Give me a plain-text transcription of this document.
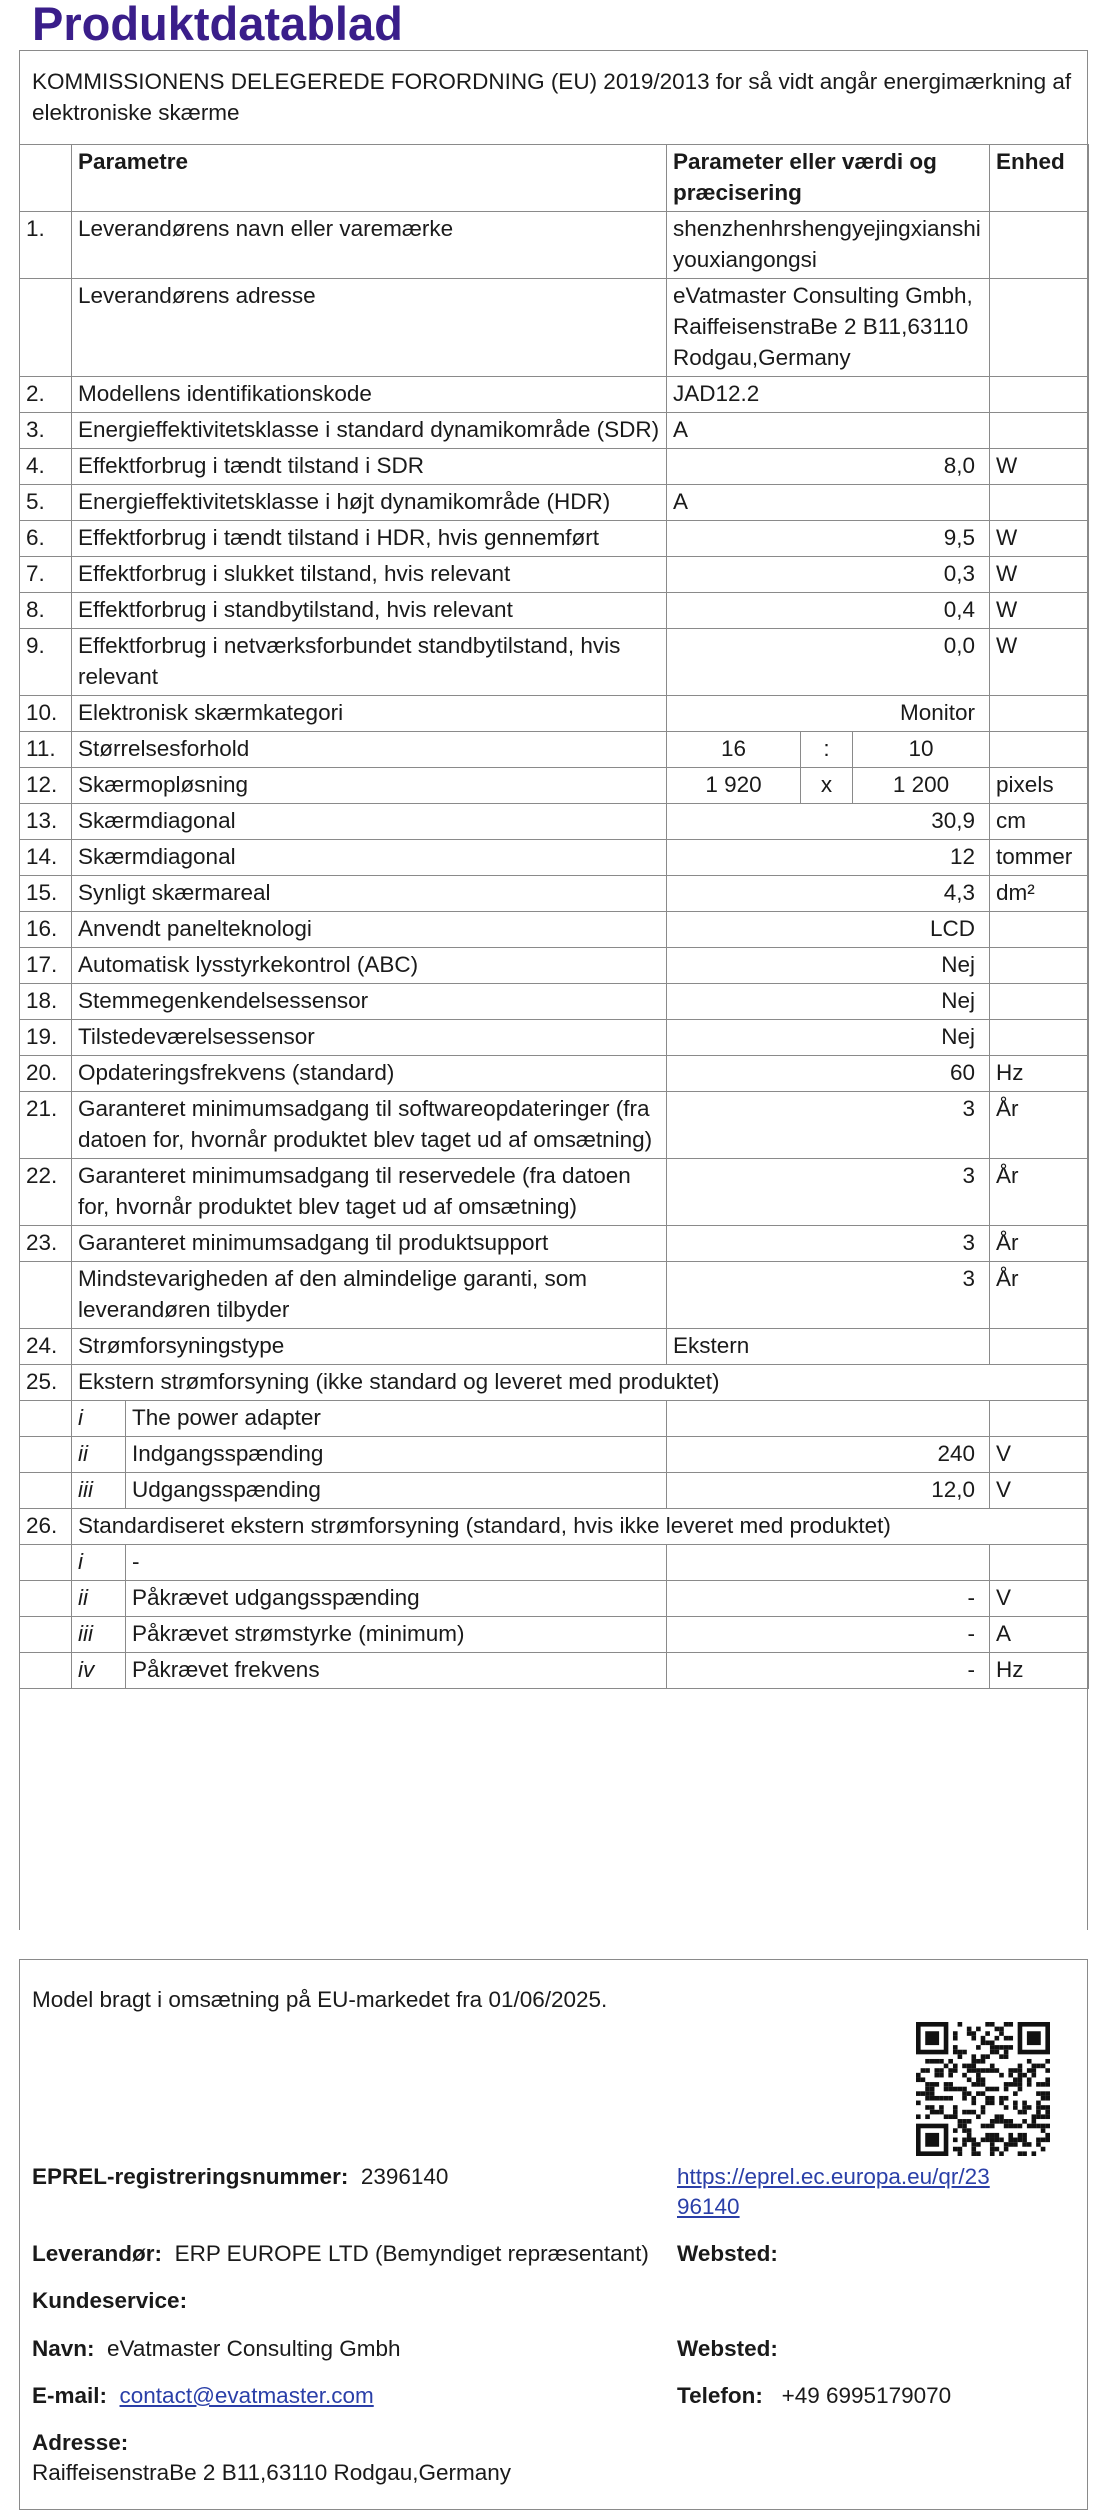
Produktdatablad

KOMMISSIONENS DELEGEREDE FORORDNING (EU) 2019/2013 for så vidt angår energimærkning af elektroniske skærme

	Parametre		Parameter eller værdi og præcisering			Enhed
1.	Leverandørens navn eller varemærke		shenzhenhrshengyejingxianshi youxiangongsi			
	Leverandørens adresse		eVatmaster Consulting Gmbh, RaiffeisenstraBe 2 B11,63110 Rodgau,Germany			
2.	Modellens identifikationskode		JAD12.2			
3.	Energieffektivitetsklasse i standard dynamikområde (SDR)		A			
4.	Effektforbrug i tændt tilstand i SDR		8,0			W
5.	Energieffektivitetsklasse i højt dynamikområde (HDR)		A			
6.	Effektforbrug i tændt tilstand i HDR, hvis gennemført		9,5			W
7.	Effektforbrug i slukket tilstand, hvis relevant		0,3			W
8.	Effektforbrug i standbytilstand, hvis relevant		0,4			W
9.	Effektforbrug i netværksforbundet standbytilstand, hvis relevant		0,0			W
10.	Elektronisk skærmkategori		Monitor			
11.	Størrelsesforhold		16	:	10	
12.	Skærmopløsning		1 920	x	1 200	pixels
13.	Skærmdiagonal		30,9			cm
14.	Skærmdiagonal		12			tommer
15.	Synligt skærmareal		4,3			dm²
16.	Anvendt panelteknologi		LCD			
17.	Automatisk lysstyrkekontrol (ABC)		Nej			
18.	Stemmegenkendelsessensor		Nej			
19.	Tilstedeværelsessensor		Nej			
20.	Opdateringsfrekvens (standard)		60			Hz
21.	Garanteret minimumsadgang til softwareopdateringer (fra datoen for, hvornår produktet blev taget ud af omsætning)		3			År
22.	Garanteret minimumsadgang til reservedele (fra datoen for, hvornår produktet blev taget ud af omsætning)		3			År
23.	Garanteret minimumsadgang til produktsupport		3			År
	Mindstevarigheden af den almindelige garanti, som leverandøren tilbyder		3			År
24.	Strømforsyningstype		Ekstern			
25.	Ekstern strømforsyning (ikke standard og leveret med produktet)					
	i	The power adapter				
	ii	Indgangsspænding	240			V
	iii	Udgangsspænding	12,0			V
26.	Standardiseret ekstern strømforsyning (standard, hvis ikke leveret med produktet)					
	i	-				
	ii	Påkrævet udgangsspænding	-			V
	iii	Påkrævet strømstyrke (minimum)	-			A
	iv	Påkrævet frekvens	-			Hz
Model bragt i omsætning på EU-markedet fra 01/06/2025.
EPREL-registreringsnummer: 2396140	https://eprel.ec.europa.eu/qr/23
96140
Leverandør: ERP EUROPE LTD (Bemyndiget repræsentant) Websted:
Kundeservice:
Navn: eVatmaster Consulting Gmbh	Websted:
E-mail: contact@evatmaster.com	Telefon: +49 6995179070
Adresse:
RaiffeisenstraBe 2 B11,63110 Rodgau,Germany
